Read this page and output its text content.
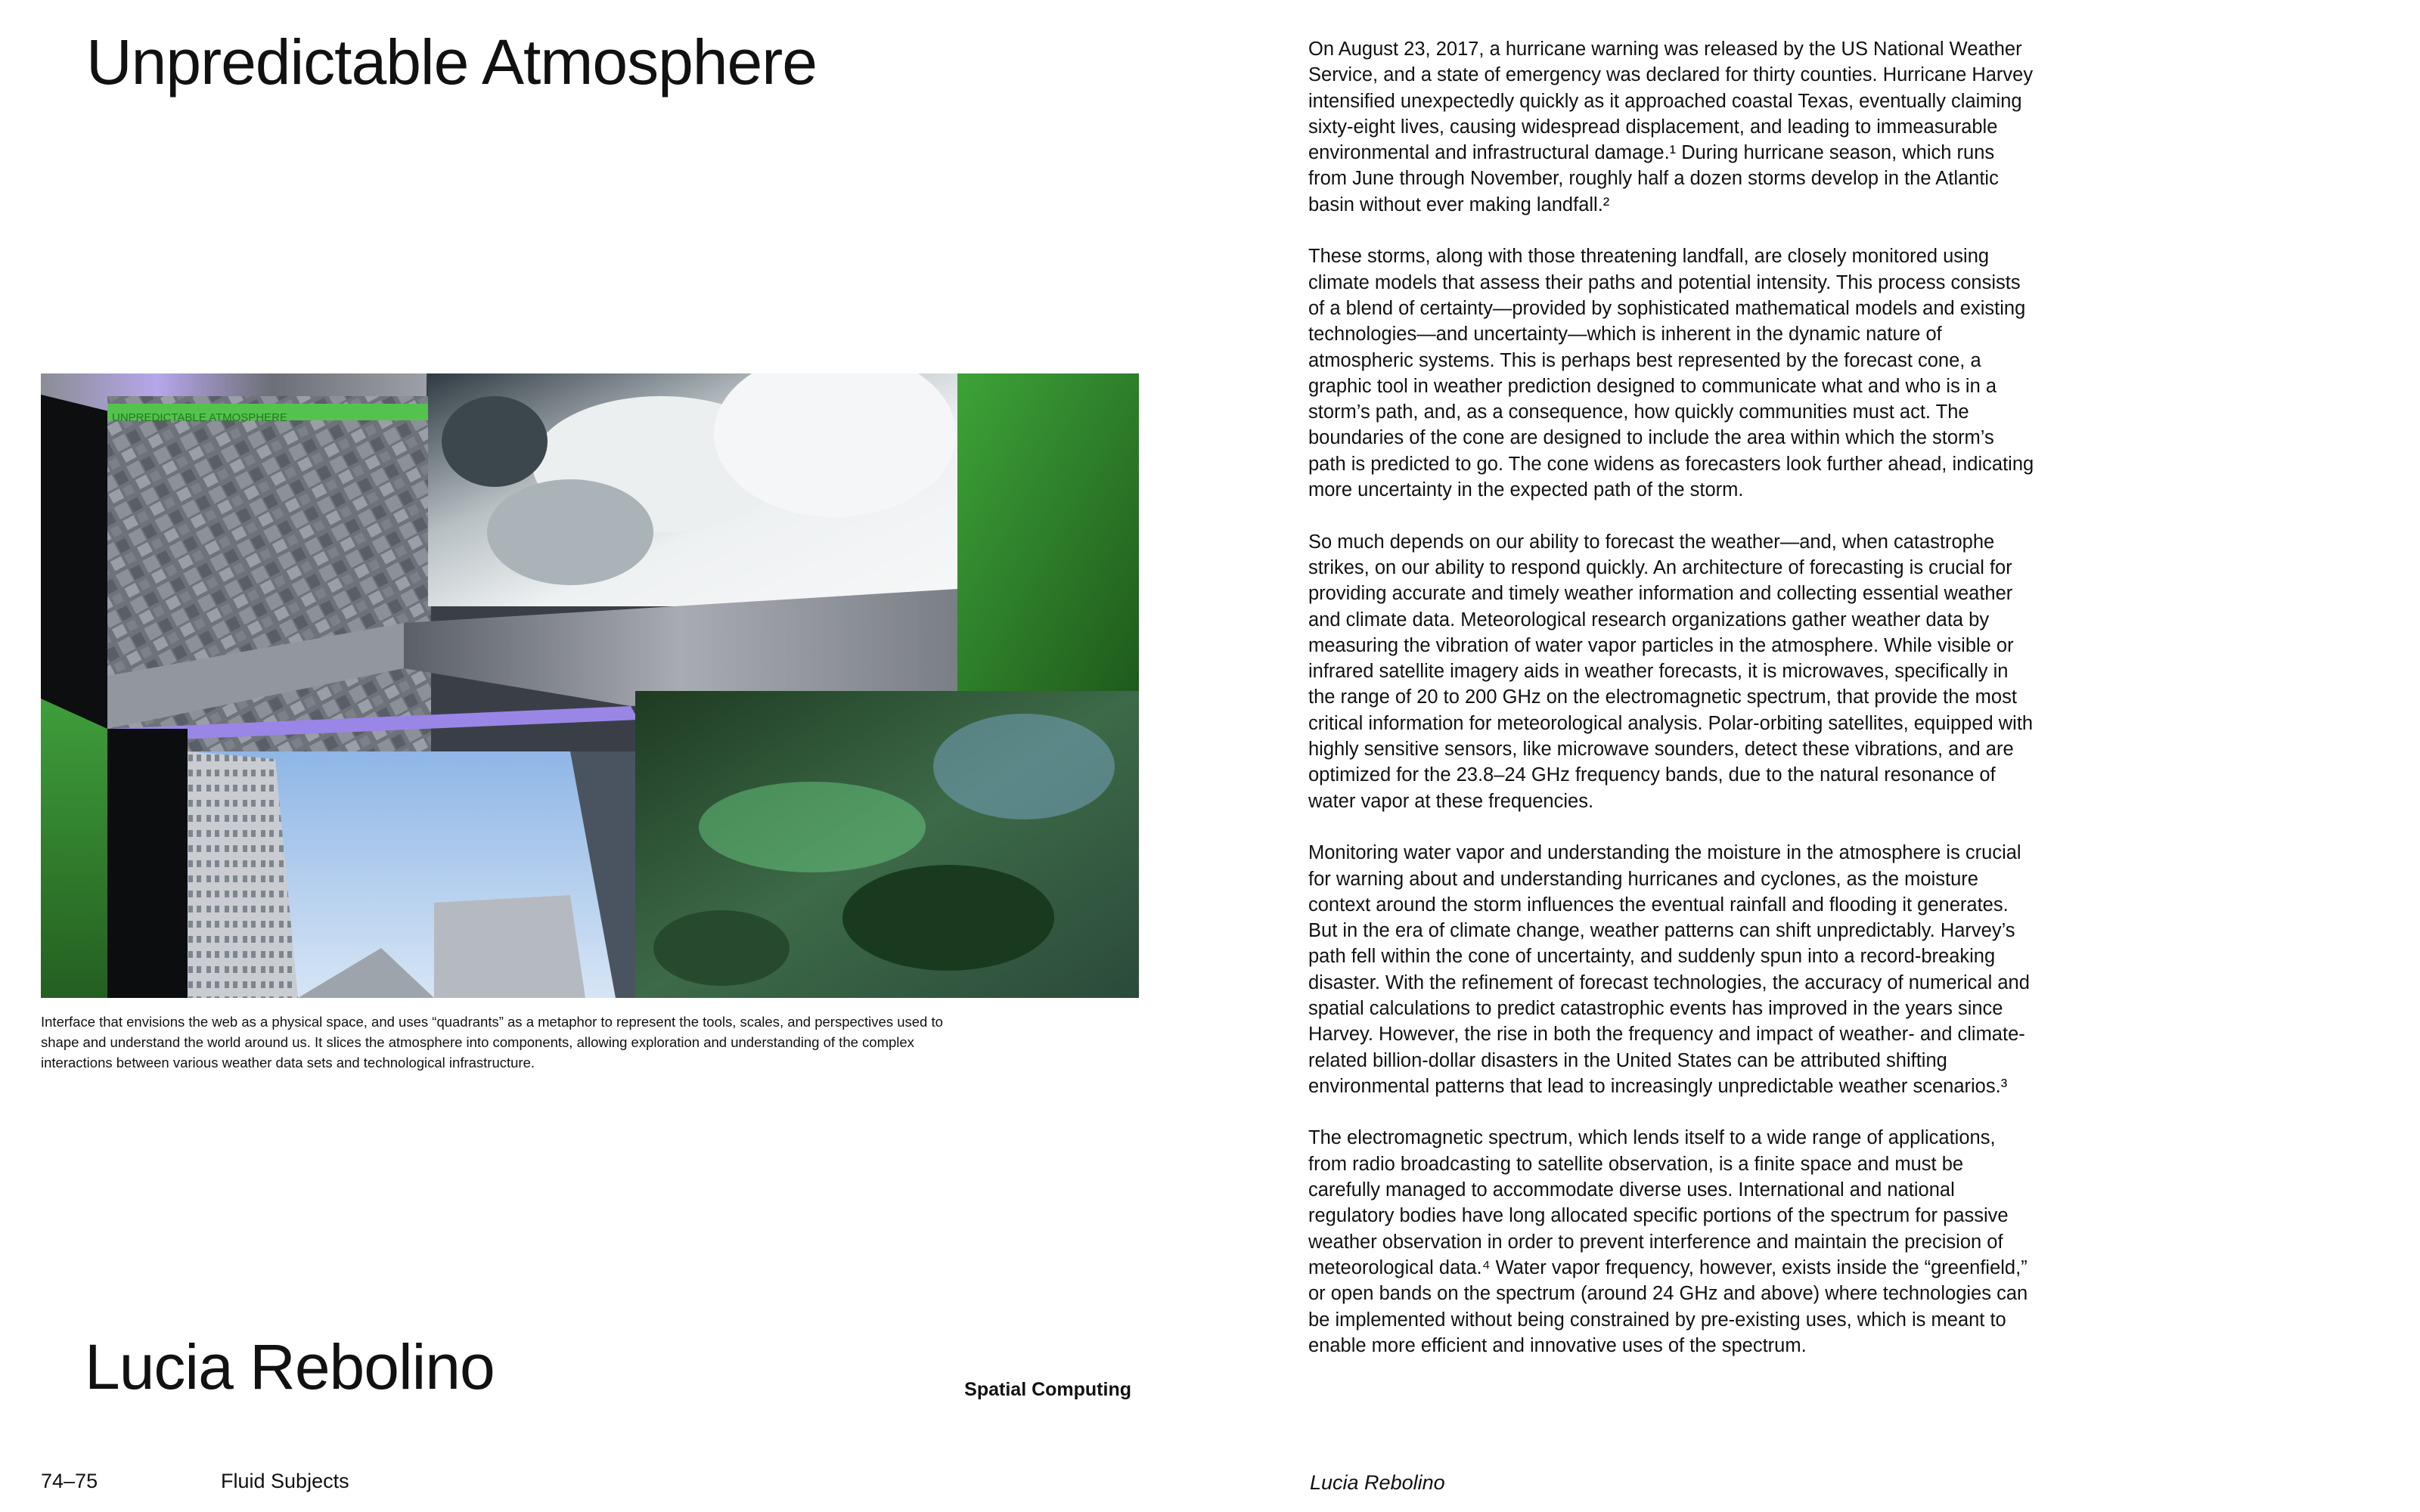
Unpredictable Atmosphere
UNPREDICTABLE ATMOSPHERE

Interface that envisions the web as a physical space, and uses “quadrants” as a metaphor to represent the tools, scales, and perspectives used to shape and understand the world around us. It slices the atmosphere into components, allowing exploration and understanding of the complex interactions between various weather data sets and technological infrastructure.

Lucia Rebolino	Spatial Computing

On August 23, 2017, a hurricane warning was released by the US National Weather Service, and a state of emergency was declared for thirty counties. Hurricane Harvey intensified unexpectedly quickly as it approached coastal Texas, eventually claiming sixty-eight lives, causing widespread displacement, and leading to immeasurable environmental and infrastructural damage.¹ During hurricane season, which runs from June through November, roughly half a dozen storms develop in the Atlantic basin without ever making landfall.²

These storms, along with those threatening landfall, are closely monitored using climate models that assess their paths and potential intensity. This process consists of a blend of certainty—provided by sophisticated mathematical models and existing technologies—and uncertainty—which is inherent in the dynamic nature of atmospheric systems. This is perhaps best represented by the forecast cone, a graphic tool in weather prediction designed to communicate what and who is in a storm’s path, and, as a consequence, how quickly communities must act. The boundaries of the cone are designed to include the area within which the storm’s path is predicted to go. The cone widens as forecasters look further ahead, indicating more uncertainty in the expected path of the storm.

So much depends on our ability to forecast the weather—and, when catastrophe strikes, on our ability to respond quickly. An architecture of forecasting is crucial for providing accurate and timely weather information and collecting essential weather and climate data. Meteorological research organizations gather weather data by measuring the vibration of water vapor particles in the atmosphere. While visible or infrared satellite imagery aids in weather forecasts, it is microwaves, specifically in the range of 20 to 200 GHz on the electromagnetic spectrum, that provide the most critical information for meteorological analysis. Polar-orbiting satellites, equipped with highly sensitive sensors, like microwave sounders, detect these vibrations, and are optimized for the 23.8–24 GHz frequency bands, due to the natural resonance of water vapor at these frequencies.

Monitoring water vapor and understanding the moisture in the atmosphere is crucial for warning about and understanding hurricanes and cyclones, as the moisture context around the storm influences the eventual rainfall and flooding it generates. But in the era of climate change, weather patterns can shift unpredictably. Harvey’s path fell within the cone of uncertainty, and suddenly spun into a record-breaking disaster. With the refinement of forecast technologies, the accuracy of numerical and spatial calculations to predict catastrophic events has improved in the years since Harvey. However, the rise in both the frequency and impact of weather- and climate-related billion-dollar disasters in the United States can be attributed shifting environmental patterns that lead to increasingly unpredictable weather scenarios.³

The electromagnetic spectrum, which lends itself to a wide range of applications, from radio broadcasting to satellite observation, is a finite space and must be carefully managed to accommodate diverse uses. International and national regulatory bodies have long allocated specific portions of the spectrum for passive weather observation in order to prevent interference and maintain the precision of meteorological data.⁴ Water vapor frequency, however, exists inside the “greenfield,” or open bands on the spectrum (around 24 GHz and above) where technologies can be implemented without being constrained by pre-existing uses, which is meant to enable more efficient and innovative uses of the spectrum.

74–75	Fluid Subjects	Lucia Rebolino
